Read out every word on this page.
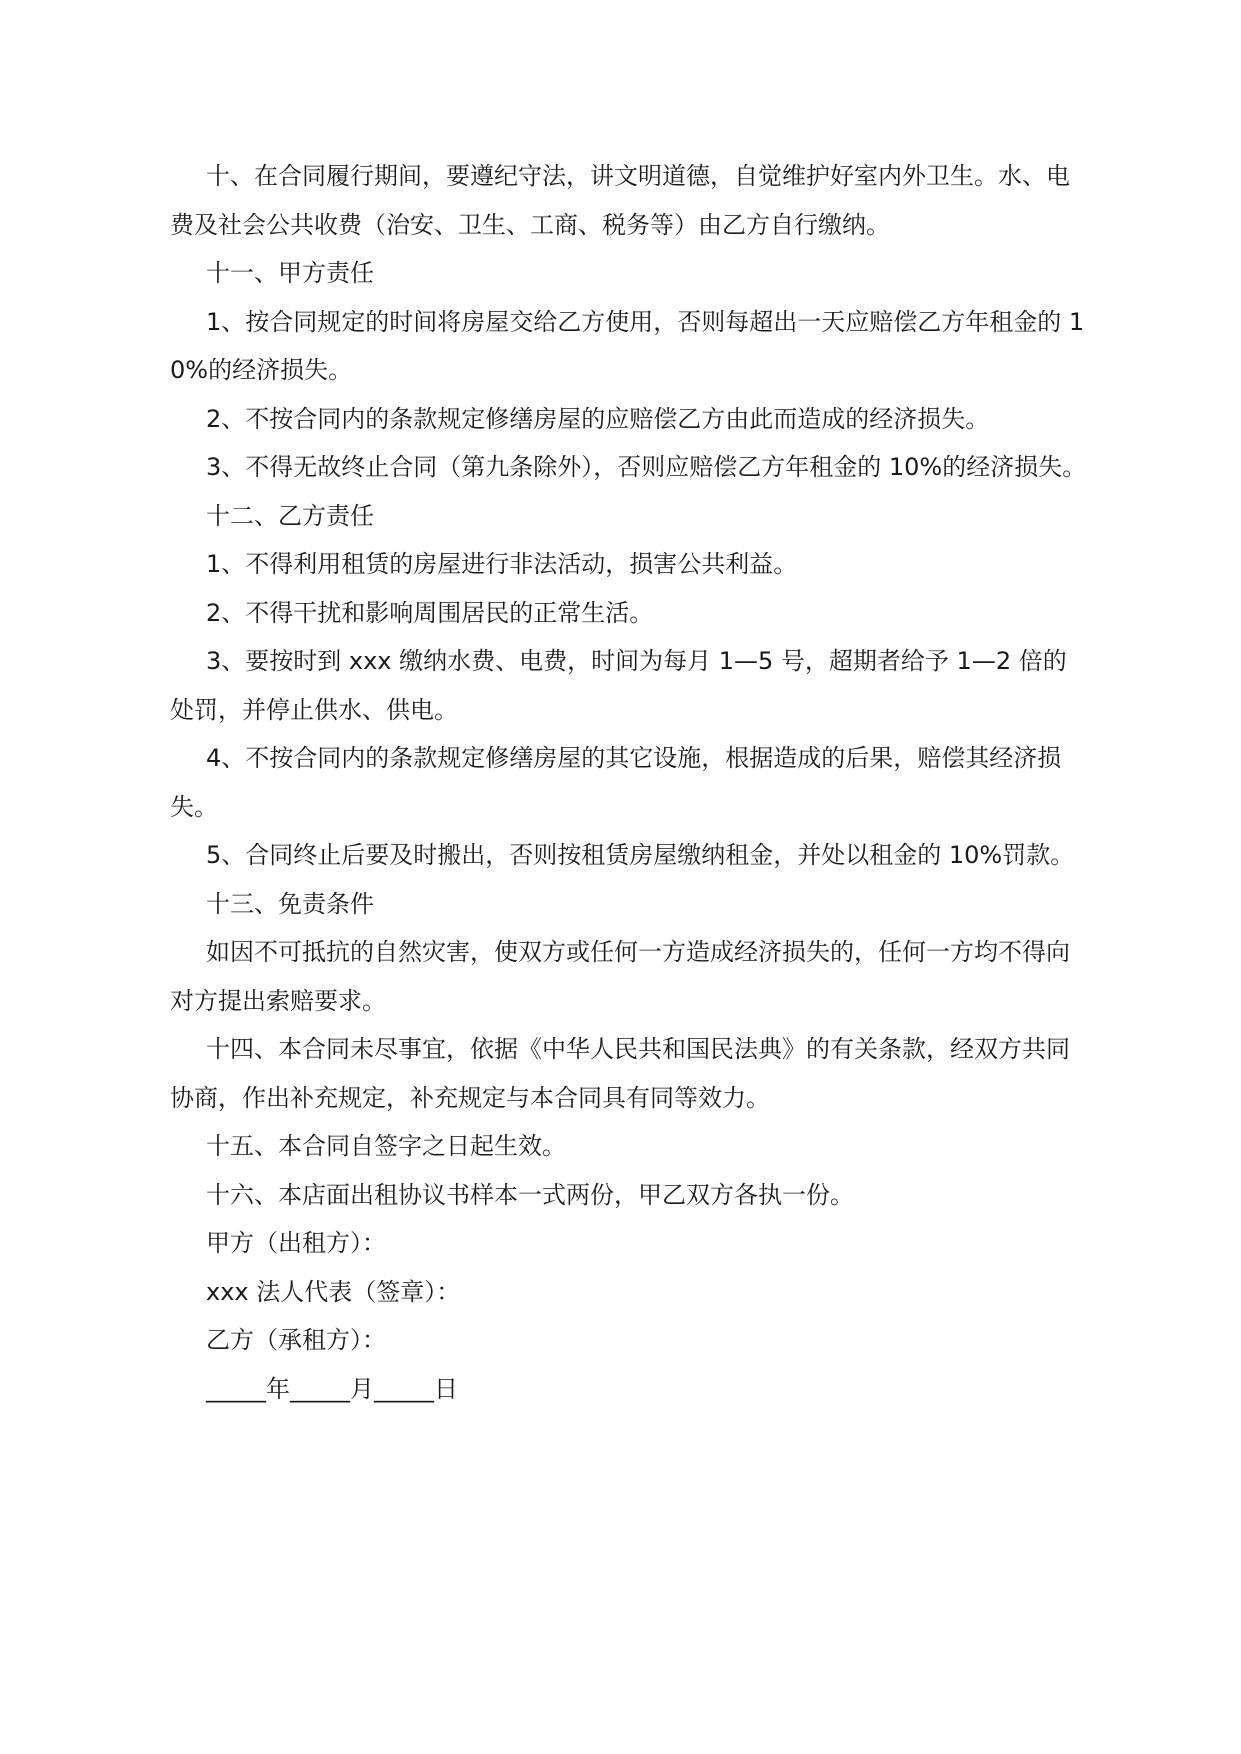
十、在合同履行期间，要遵纪守法，讲文明道德，自觉维护好室内外卫生。水、电费及社会公共收费（治安、卫生、工商、税务等）由乙方自行缴纳。

十一、甲方责任

1、按合同规定的时间将房屋交给乙方使用，否则每超出一天应赔偿乙方年租金的 10%的经济损失。

2、不按合同内的条款规定修缮房屋的应赔偿乙方由此而造成的经济损失。

3、不得无故终止合同（第九条除外），否则应赔偿乙方年租金的 10%的经济损失。

十二、乙方责任

1、不得利用租赁的房屋进行非法活动，损害公共利益。

2、不得干扰和影响周围居民的正常生活。

3、要按时到 xxx 缴纳水费、电费，时间为每月 1—5 号，超期者给予 1—2 倍的处罚，并停止供水、供电。

4、不按合同内的条款规定修缮房屋的其它设施，根据造成的后果，赔偿其经济损失。

5、合同终止后要及时搬出，否则按租赁房屋缴纳租金，并处以租金的 10%罚款。

十三、免责条件

如因不可抵抗的自然灾害，使双方或任何一方造成经济损失的，任何一方均不得向对方提出索赔要求。

十四、本合同未尽事宜，依据《中华人民共和国民法典》的有关条款，经双方共同协商，作出补充规定，补充规定与本合同具有同等效力。

十五、本合同自签字之日起生效。

十六、本店面出租协议书样本一式两份，甲乙双方各执一份。

甲方（出租方）：

xxx 法人代表（签章）：

乙方（承租方）：

_____年_____月_____日
